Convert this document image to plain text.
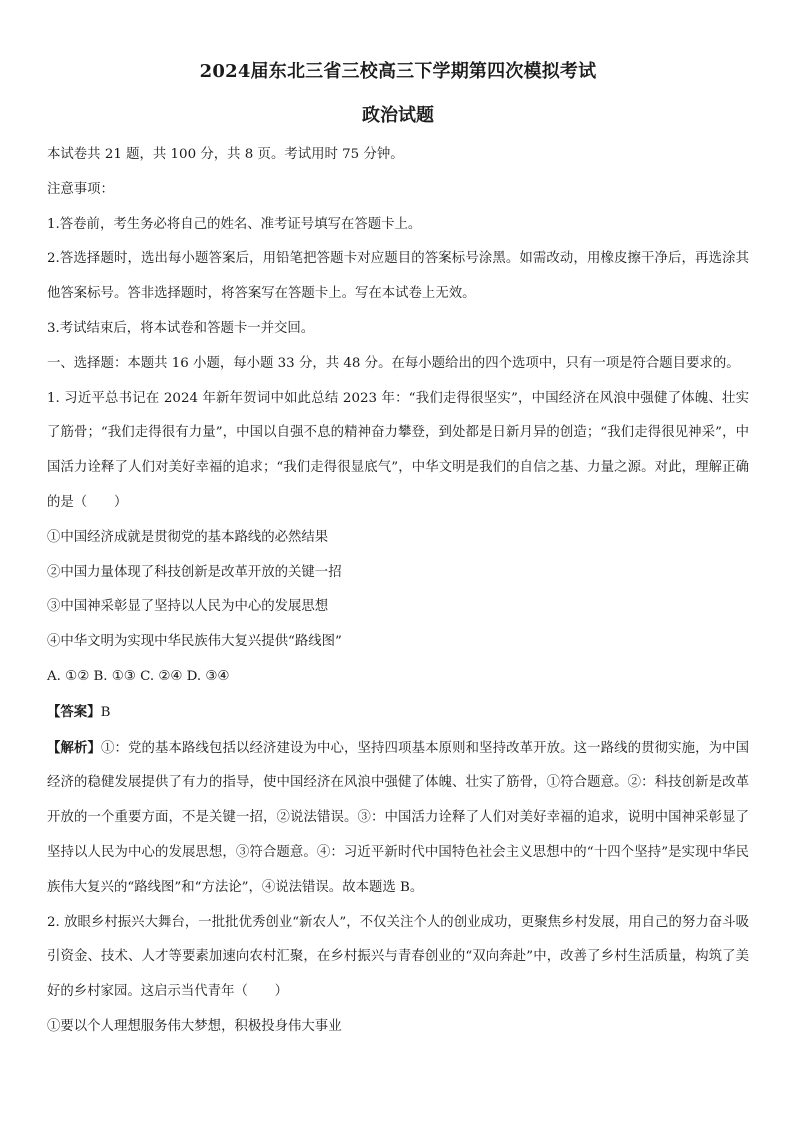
2024届东北三省三校高三下学期第四次模拟考试
政治试题

本试卷共 21 题，共 100 分，共 8 页。考试用时 75 分钟。

注意事项：

1.答卷前，考生务必将自己的姓名、准考证号填写在答题卡上。

2.答选择题时，选出每小题答案后，用铅笔把答题卡对应题目的答案标号涂黑。如需改动，用橡皮擦干净后，再选涂其他答案标号。答非选择题时，将答案写在答题卡上。写在本试卷上无效。

3.考试结束后，将本试卷和答题卡一并交回。

一、选择题：本题共 16 小题，每小题 33 分，共 48 分。在每小题给出的四个选项中，只有一项是符合题目要求的。

1. 习近平总书记在 2024 年新年贺词中如此总结 2023 年：“我们走得很坚实”，中国经济在风浪中强健了体魄、壮实了筋骨；“我们走得很有力量”，中国以自强不息的精神奋力攀登，到处都是日新月异的创造；“我们走得很见神采”，中国活力诠释了人们对美好幸福的追求；“我们走得很显底气”，中华文明是我们的自信之基、力量之源。对此，理解正确的是（　　）

①中国经济成就是贯彻党的基本路线的必然结果

②中国力量体现了科技创新是改革开放的关键一招

③中国神采彰显了坚持以人民为中心的发展思想

④中华文明为实现中华民族伟大复兴提供“路线图”

A. ①② B. ①③ C. ②④ D. ③④

【答案】B

【解析】①：党的基本路线包括以经济建设为中心，坚持四项基本原则和坚持改革开放。这一路线的贯彻实施，为中国经济的稳健发展提供了有力的指导，使中国经济在风浪中强健了体魄、壮实了筋骨，①符合题意。②：科技创新是改革开放的一个重要方面，不是关键一招，②说法错误。③：中国活力诠释了人们对美好幸福的追求，说明中国神采彰显了坚持以人民为中心的发展思想，③符合题意。④：习近平新时代中国特色社会主义思想中的“十四个坚持”是实现中华民族伟大复兴的“路线图”和“方法论”，④说法错误。故本题选 B。

2. 放眼乡村振兴大舞台，一批批优秀创业“新农人”，不仅关注个人的创业成功，更聚焦乡村发展，用自己的努力奋斗吸引资金、技术、人才等要素加速向农村汇聚，在乡村振兴与青春创业的“双向奔赴”中，改善了乡村生活质量，构筑了美好的乡村家园。这启示当代青年（　　）

①要以个人理想服务伟大梦想，积极投身伟大事业
